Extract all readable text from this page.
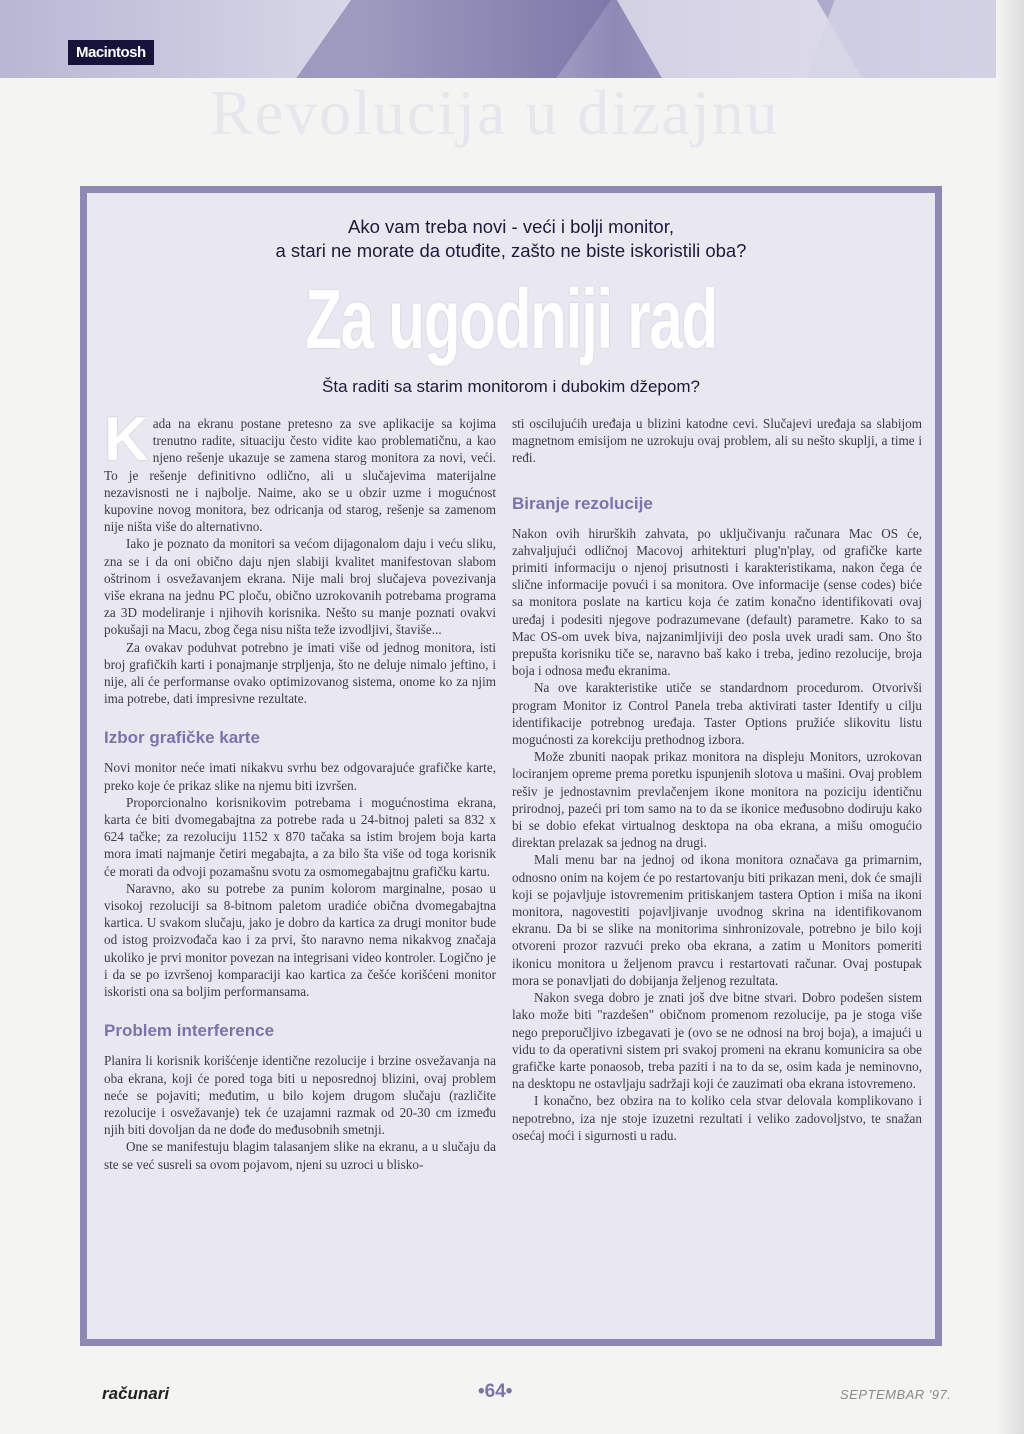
Macintosh
Revolucija u dizajnu
Ako vam treba novi - veći i bolji monitor,
a stari ne morate da otuđite, zašto ne biste iskoristili oba?
Za ugodniji rad
Šta raditi sa starim monitorom i dubokim džepom?

Kada na ekranu postane pretesno za sve aplikacije sa kojima trenutno radite, situaciju često vidite kao problematičnu, a kao njeno rešenje ukazuje se zamena starog monitora za novi, veći. To je rešenje definitivno odlično, ali u slučajevima materijalne nezavisnosti ne i najbolje. Naime, ako se u obzir uzme i mogućnost kupovine novog monitora, bez odricanja od starog, rešenje sa zamenom nije ništa više do alternativno.

Iako je poznato da monitori sa većom dijagonalom daju i veću sliku, zna se i da oni obično daju njen slabiji kvalitet manifestovan slabom oštrinom i osvežavanjem ekrana. Nije mali broj slučajeva povezivanja više ekrana na jednu PC ploču, obično uzrokovanih potrebama programa za 3D modeliranje i njihovih korisnika. Nešto su manje poznati ovakvi pokušaji na Macu, zbog čega nisu ništa teže izvodljivi, štaviše...

Za ovakav poduhvat potrebno je imati više od jednog monitora, isti broj grafičkih karti i ponajmanje strpljenja, što ne deluje nimalo jeftino, i nije, ali će performanse ovako optimizovanog sistema, onome ko za njim ima potrebe, dati impresivne rezultate.

Izbor grafičke karte

Novi monitor neće imati nikakvu svrhu bez odgovarajuće grafičke karte, preko koje će prikaz slike na njemu biti izvršen.

Proporcionalno korisnikovim potrebama i mogućnostima ekrana, karta će biti dvomegabajtna za potrebe rada u 24-bitnoj paleti sa 832 x 624 tačke; za rezoluciju 1152 x 870 tačaka sa istim brojem boja karta mora imati najmanje četiri megabajta, a za bilo šta više od toga korisnik će morati da odvoji pozamašnu svotu za osmomegabajtnu grafičku kartu.

Naravno, ako su potrebe za punim kolorom marginalne, posao u visokoj rezoluciji sa 8-bitnom paletom uradiće obična dvomegabajtna kartica. U svakom slučaju, jako je dobro da kartica za drugi monitor bude od istog proizvođača kao i za prvi, što naravno nema nikakvog značaja ukoliko je prvi monitor povezan na integrisani video kontroler. Logično je i da se po izvršenoj komparaciji kao kartica za češće korišćeni monitor iskoristi ona sa boljim performansama.

Problem interference

Planira li korisnik korišćenje identične rezolucije i brzine osvežavanja na oba ekrana, koji će pored toga biti u neposrednoj blizini, ovaj problem neće se pojaviti; međutim, u bilo kojem drugom slučaju (različite rezolucije i osvežavanje) tek će uzajamni razmak od 20-30 cm između njih biti dovoljan da ne dođe do međusobnih smetnji.

One se manifestuju blagim talasanjem slike na ekranu, a u slučaju da ste se već susreli sa ovom pojavom, njeni su uzroci u blisko-

sti oscilujućih uređaja u blizini katodne cevi. Slučajevi uređaja sa slabijom magnetnom emisijom ne uzrokuju ovaj problem, ali su nešto skuplji, a time i ređi.

Biranje rezolucije

Nakon ovih hirurških zahvata, po uključivanju računara Mac OS će, zahvaljujući odličnoj Macovoj arhitekturi plug'n'play, od grafičke karte primiti informaciju o njenoj prisutnosti i karakteristikama, nakon čega će slične informacije povući i sa monitora. Ove informacije (sense codes) biće sa monitora poslate na karticu koja će zatim konačno identifikovati ovaj uređaj i podesiti njegove podrazumevane (default) parametre. Kako to sa Mac OS-om uvek biva, najzanimljiviji deo posla uvek uradi sam. Ono što prepušta korisniku tiče se, naravno baš kako i treba, jedino rezolucije, broja boja i odnosa među ekranima.

Na ove karakteristike utiče se standardnom procedurom. Otvorivši program Monitor iz Control Panela treba aktivirati taster Identify u cilju identifikacije potrebnog uređaja. Taster Options pružiće slikovitu listu mogućnosti za korekciju prethodnog izbora.

Može zbuniti naopak prikaz monitora na displeju Monitors, uzrokovan lociranjem opreme prema poretku ispunjenih slotova u mašini. Ovaj problem rešiv je jednostavnim prevlačenjem ikone monitora na poziciju identičnu prirodnoj, pazeći pri tom samo na to da se ikonice međusobno dodiruju kako bi se dobio efekat virtualnog desktopa na oba ekrana, a mišu omogućio direktan prelazak sa jednog na drugi.

Mali menu bar na jednoj od ikona monitora označava ga primarnim, odnosno onim na kojem će po restartovanju biti prikazan meni, dok će smajli koji se pojavljuje istovremenim pritiskanjem tastera Option i miša na ikoni monitora, nagovestiti pojavljivanje uvodnog skrina na identifikovanom ekranu. Da bi se slike na monitorima sinhronizovale, potrebno je bilo koji otvoreni prozor razvući preko oba ekrana, a zatim u Monitors pomeriti ikonicu monitora u željenom pravcu i restartovati računar. Ovaj postupak mora se ponavljati do dobijanja željenog rezultata.

Nakon svega dobro je znati još dve bitne stvari. Dobro podešen sistem lako može biti "razdešen" običnom promenom rezolucije, pa je stoga više nego preporučljivo izbegavati je (ovo se ne odnosi na broj boja), a imajući u vidu to da operativni sistem pri svakoj promeni na ekranu komunicira sa obe grafičke karte ponaosob, treba paziti i na to da se, osim kada je neminovno, na desktopu ne ostavljaju sadržaji koji će zauzimati oba ekrana istovremeno.

I konačno, bez obzira na to koliko cela stvar delovala komplikovano i nepotrebno, iza nje stoje izuzetni rezultati i veliko zadovoljstvo, te snažan osećaj moći i sigurnosti u radu.

računari	•64•	SEPTEMBAR '97.
